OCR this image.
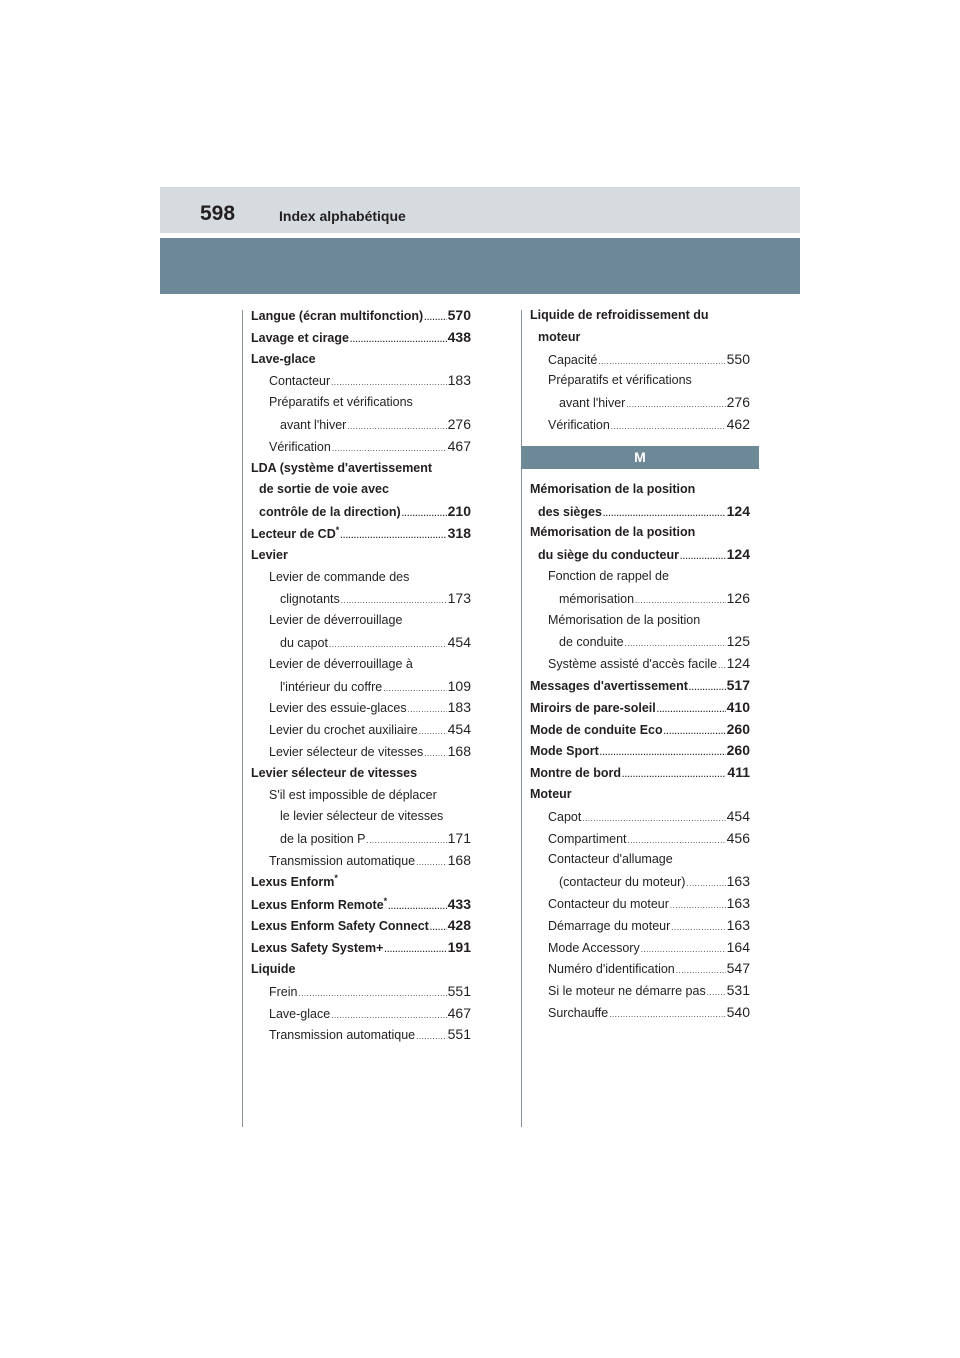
598	Index alphabétique
Langue (écran multifonction) ..... 570
Lavage et cirage .....	438
Lave-glace
Contacteur .....	183
Préparatifs et vérifications
avant l'hiver .....	276
Vérification .....	467
LDA (système d'avertissement
de sortie de voie avec
contrôle de la direction) .....	210
Lecteur de CD* .....	318
Levier
Levier de commande des
clignotants .....	173
Levier de déverrouillage
du capot .....	454
Levier de déverrouillage à
l'intérieur du coffre .....	109
Levier des essuie-glaces .....	183
Levier du crochet auxiliaire ..... 454
Levier sélecteur de vitesses ..... 168
Levier sélecteur de vitesses
S'il est impossible de déplacer
le levier sélecteur de vitesses
de la position P .....	171
Transmission automatique ..... 168
Lexus Enform*
Lexus Enform Remote* .....	433
Lexus Enform Safety Connect ..... 428
Lexus Safety System+ .....	191
Liquide
Frein .....	551
Lave-glace .....	467
Transmission automatique ..... 551
Liquide de refroidissement du
moteur
Capacité .....	550
Préparatifs et vérifications
avant l'hiver .....	276
Vérification .....	462
M
Mémorisation de la position
des sièges .....	124
Mémorisation de la position
du siège du conducteur .....	124
Fonction de rappel de
mémorisation .....	126
Mémorisation de la position
de conduite .....	125
Système assisté d'accès facile ..... 124
Messages d'avertissement .....	517
Miroirs de pare-soleil .....	410
Mode de conduite Eco .....	260
Mode Sport .....	260
Montre de bord .....	411
Moteur
Capot .....	454
Compartiment .....	456
Contacteur d'allumage
(contacteur du moteur) .....	163
Contacteur du moteur .....	163
Démarrage du moteur .....	163
Mode Accessory .....	164
Numéro d'identification .....	547
Si le moteur ne démarre pas ..... 531
Surchauffe .....	540
